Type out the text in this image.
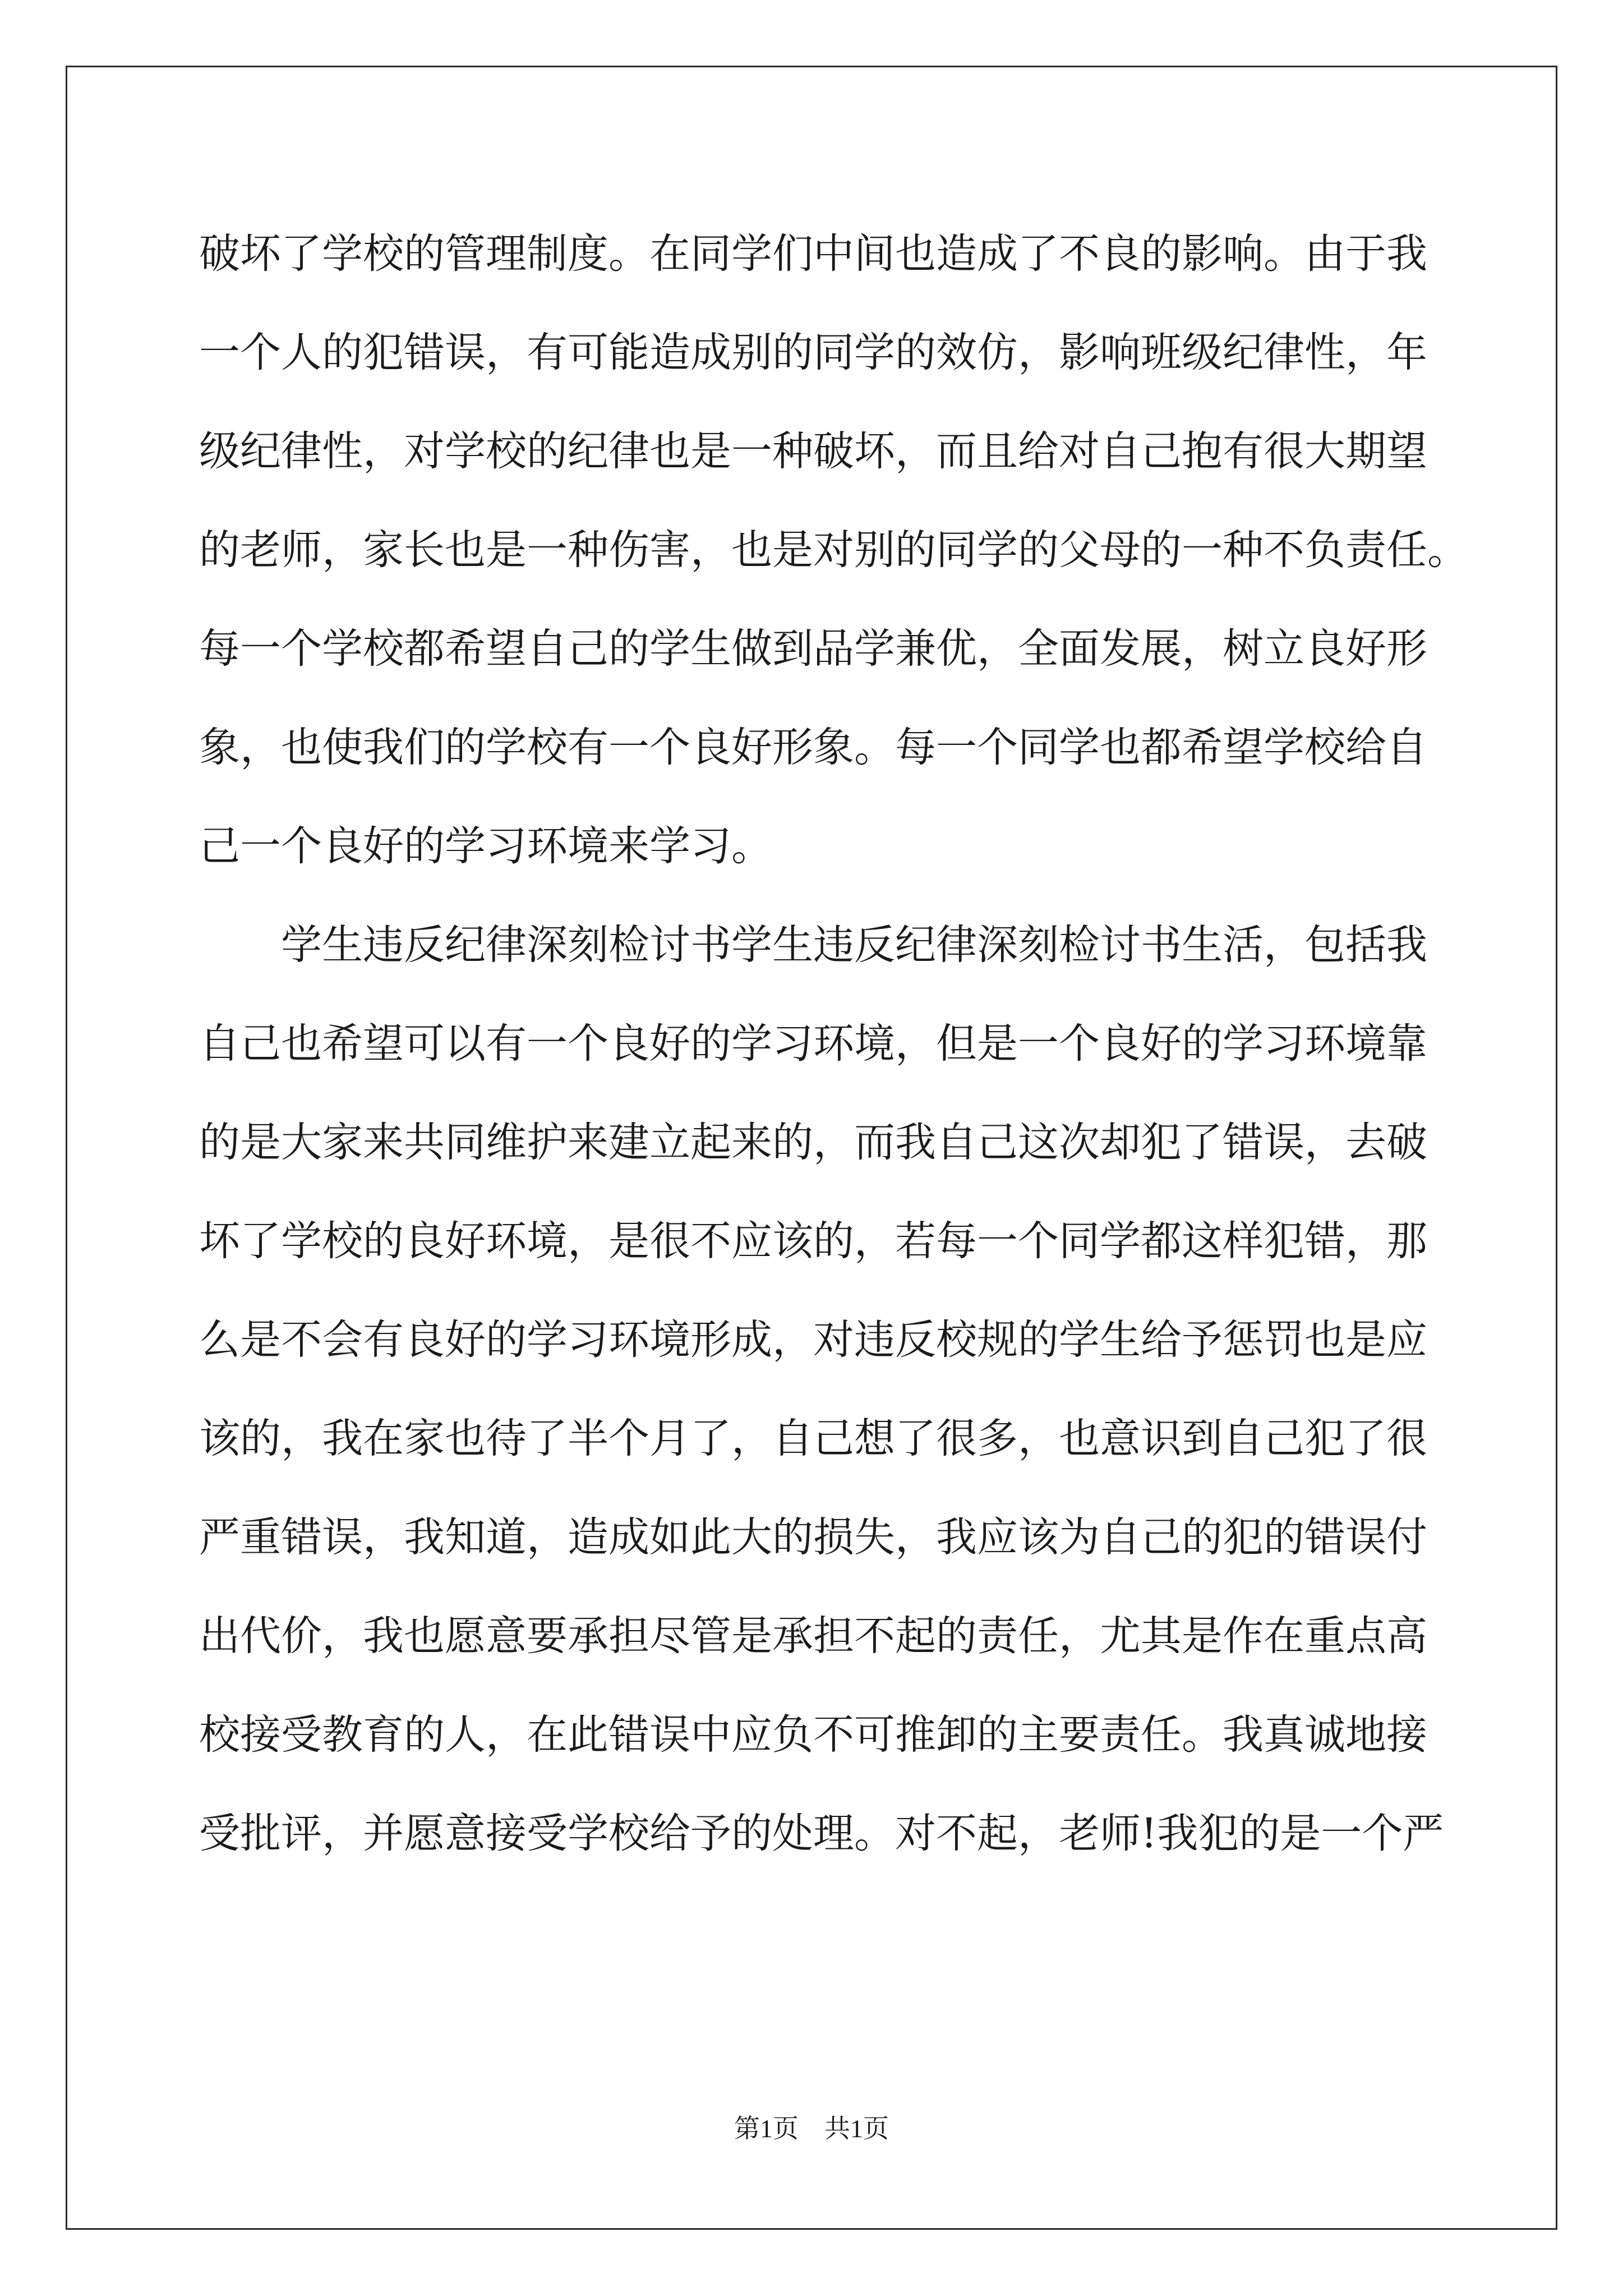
破坏了学校的管理制度。在同学们中间也造成了不良的影响。由于我
一个人的犯错误，有可能造成别的同学的效仿，影响班级纪律性，年
级纪律性，对学校的纪律也是一种破坏，而且给对自己抱有很大期望
的老师，家长也是一种伤害，也是对别的同学的父母的一种不负责任。
每一个学校都希望自己的学生做到品学兼优，全面发展，树立良好形
象，也使我们的学校有一个良好形象。每一个同学也都希望学校给自
己一个良好的学习环境来学习。
　　学生违反纪律深刻检讨书学生违反纪律深刻检讨书生活，包括我
自己也希望可以有一个良好的学习环境，但是一个良好的学习环境靠
的是大家来共同维护来建立起来的，而我自己这次却犯了错误，去破
坏了学校的良好环境，是很不应该的，若每一个同学都这样犯错，那
么是不会有良好的学习环境形成，对违反校规的学生给予惩罚也是应
该的，我在家也待了半个月了，自己想了很多，也意识到自己犯了很
严重错误，我知道，造成如此大的损失，我应该为自己的犯的错误付
出代价，我也愿意要承担尽管是承担不起的责任，尤其是作在重点高
校接受教育的人，在此错误中应负不可推卸的主要责任。我真诚地接
受批评，并愿意接受学校给予的处理。对不起，老师!我犯的是一个严
第1页 共1页
